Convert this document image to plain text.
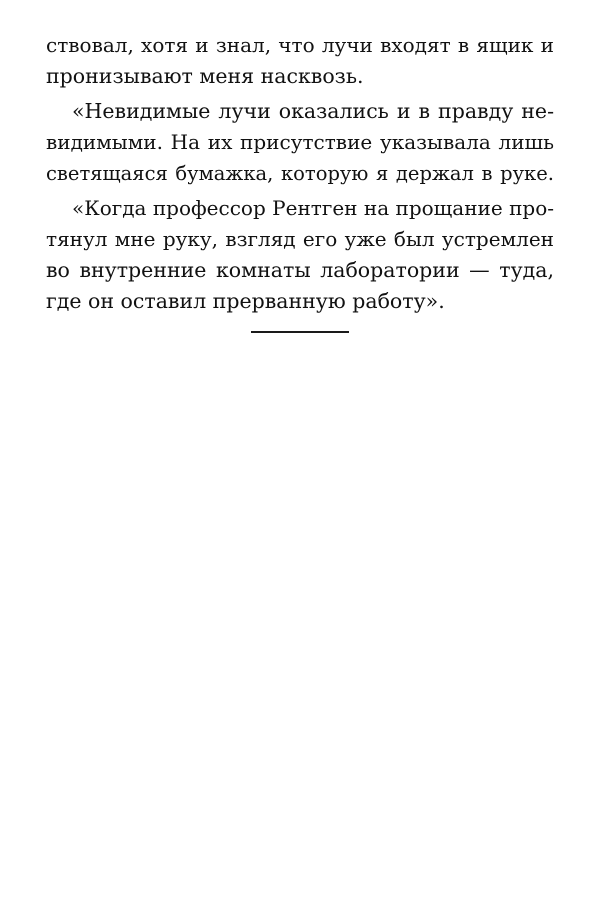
ствовал, хотя и знал, что лучи входят в ящик и
пронизывают меня насквозь.
«Невидимые лучи оказались и в правду не-
видимыми. На их присутствие указывала лишь
светящаяся бумажка, которую я держал в руке.
«Когда профессор Рентген на прощание про-
тянул мне руку, взгляд его уже был устремлен
во внутренние комнаты лаборатории — туда,
где он оставил прерванную работу».
